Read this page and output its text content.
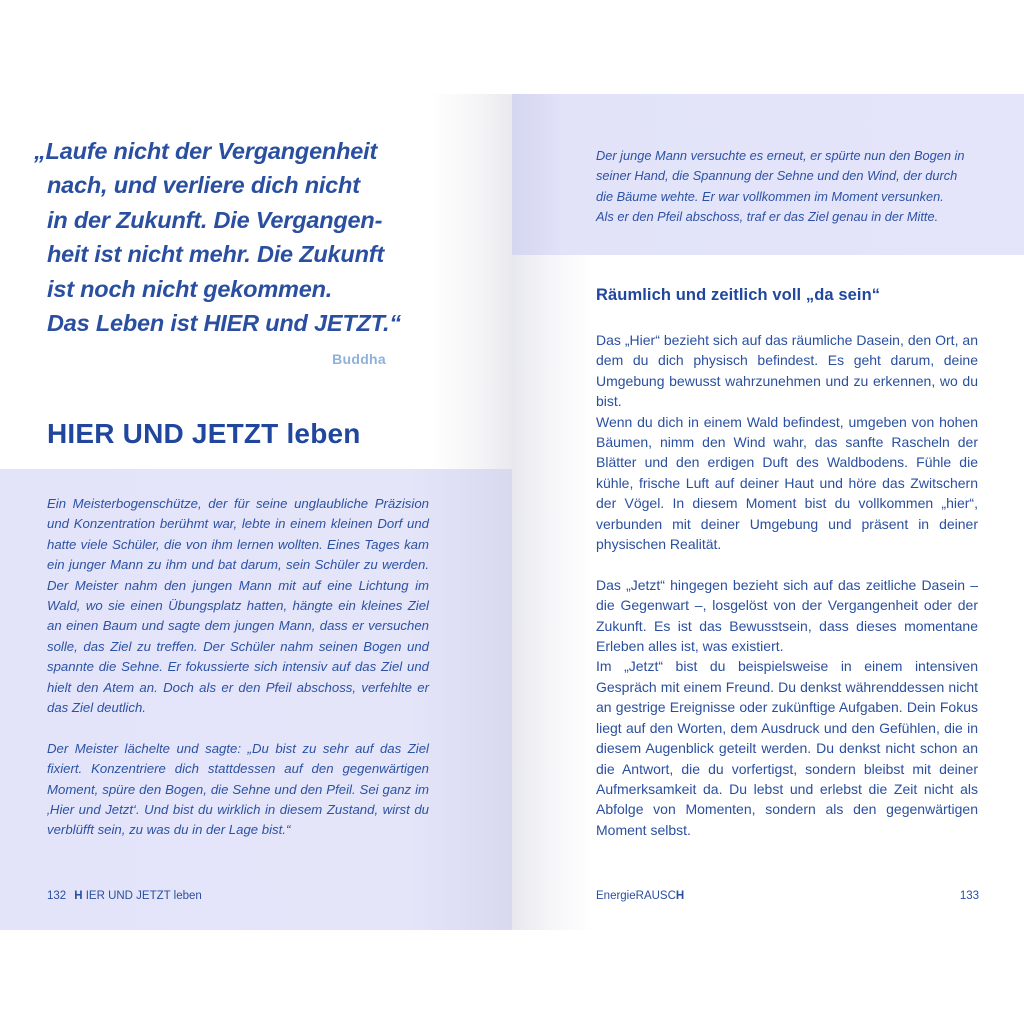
„Laufe nicht der Vergangenheit
nach, und verliere dich nicht
in der Zukunft. Die Vergangen-
heit ist nicht mehr. Die Zukunft
ist noch nicht gekommen.
Das Leben ist HIER und JETZT.“

Buddha

HIER UND JETZT leben

Ein Meisterbogenschütze, der für seine unglaubliche Präzision und Konzentration berühmt war, lebte in einem kleinen Dorf und hatte viele Schüler, die von ihm lernen wollten. Eines Tages kam ein junger Mann zu ihm und bat darum, sein Schüler zu werden. Der Meister nahm den jungen Mann mit auf eine Lichtung im Wald, wo sie einen Übungsplatz hatten, hängte ein kleines Ziel an einen Baum und sagte dem jungen Mann, dass er versuchen solle, das Ziel zu treffen. Der Schüler nahm seinen Bogen und spannte die Sehne. Er fokussierte sich intensiv auf das Ziel und hielt den Atem an. Doch als er den Pfeil abschoss, verfehlte er das Ziel deutlich.

Der Meister lächelte und sagte: „Du bist zu sehr auf das Ziel fixiert. Konzentriere dich stattdessen auf den gegenwärtigen Moment, spüre den Bogen, die Sehne und den Pfeil. Sei ganz im ‚Hier und Jetzt‘. Und bist du wirklich in diesem Zustand, wirst du verblüfft sein, zu was du in der Lage bist.“

132 H IER UND JETZT leben

Der junge Mann versuchte es erneut, er spürte nun den Bogen in

seiner Hand, die Spannung der Sehne und den Wind, der durch

die Bäume wehte. Er war vollkommen im Moment versunken.

Als er den Pfeil abschoss, traf er das Ziel genau in der Mitte.

Räumlich und zeitlich voll „da sein“

Das „Hier“ bezieht sich auf das räumliche Dasein, den Ort, an dem du dich physisch befindest. Es geht darum, deine Umgebung bewusst wahrzunehmen und zu erkennen, wo du bist.

Wenn du dich in einem Wald befindest, umgeben von hohen Bäumen, nimm den Wind wahr, das sanfte Rascheln der Blätter und den erdigen Duft des Waldbodens. Fühle die kühle, frische Luft auf deiner Haut und höre das Zwitschern der Vögel. In diesem Moment bist du vollkommen „hier“, verbunden mit deiner Umgebung und präsent in deiner physischen Realität.

Das „Jetzt“ hingegen bezieht sich auf das zeitliche Dasein – die Gegenwart –, losgelöst von der Vergangenheit oder der Zukunft. Es ist das Bewusstsein, dass dieses momentane Erleben alles ist, was existiert.

Im „Jetzt“ bist du beispielsweise in einem intensiven Gespräch mit einem Freund. Du denkst währenddessen nicht an gestrige Ereignisse oder zukünftige Aufgaben. Dein Fokus liegt auf den Worten, dem Ausdruck und den Gefühlen, die in diesem Augenblick geteilt werden. Du denkst nicht schon an die Antwort, die du vorfertigst, sondern bleibst mit deiner Aufmerksamkeit da. Du lebst und erlebst die Zeit nicht als Abfolge von Momenten, sondern als den gegenwärtigen Moment selbst.

EnergieRAUSCH	133
